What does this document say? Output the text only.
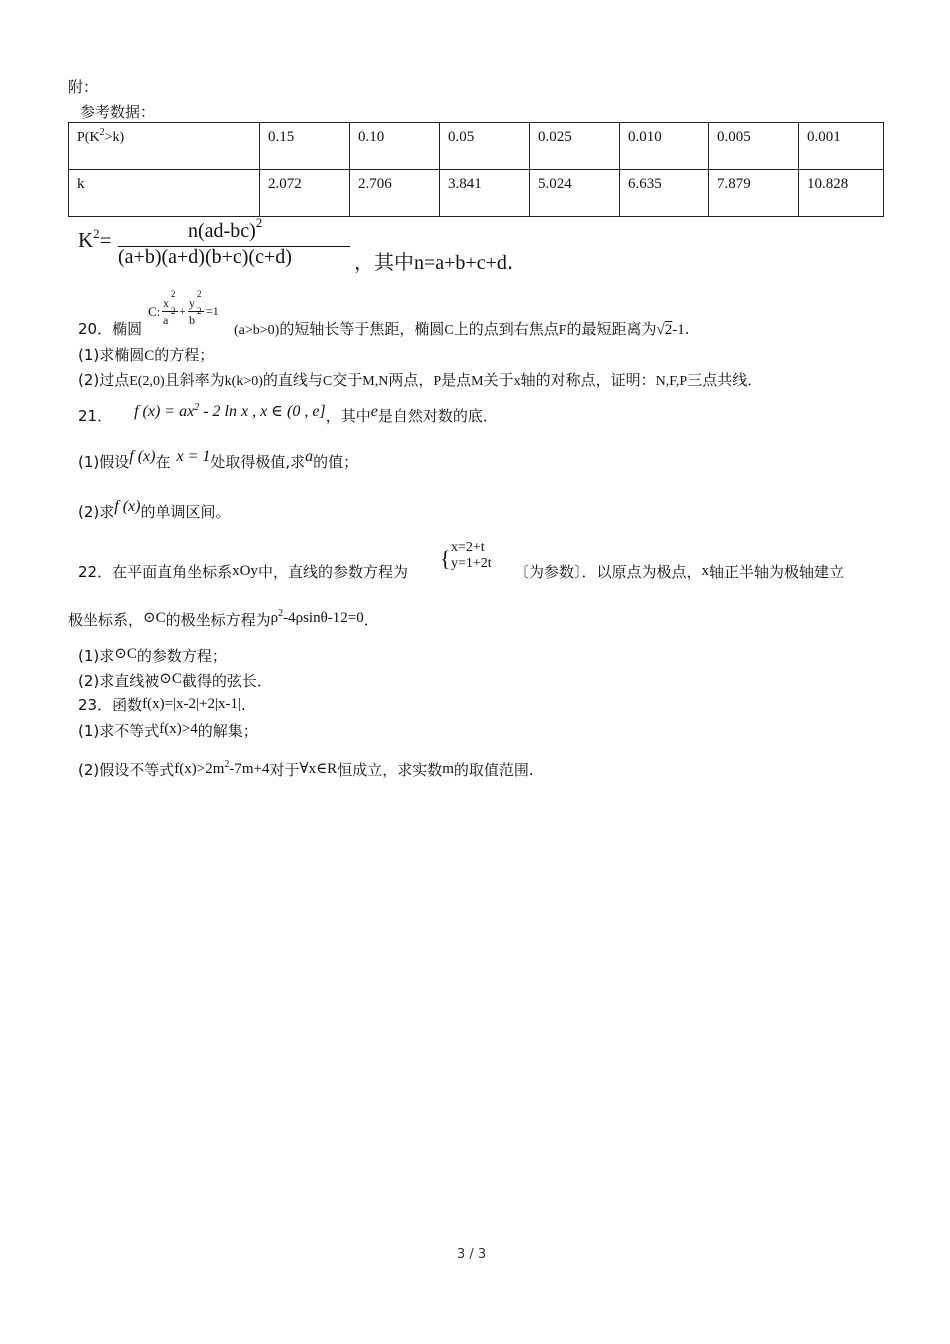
附：
参考数据：
$P(K^2>k)$	0.15	0.10	0.05	0.025	0.010	0.005	0.001
k	2.072	2.706	3.841	5.024	6.635	7.879	10.828
$K^2=$	$n(ad-bc)^2$
(a+b)(a+d)(b+c)(c+d)	，其中n=a+b+c+d.
20．椭圆
C:
x
2
a
+
y
2
b
=1
(a>b>0)的短轴长等于焦距，椭圆C上的点到右焦点F的最短距离为√2-1.
(1)求椭圆C的方程；
(2)过点E(2,0)且斜率为k(k>0)的直线与C交于M,N两点，P是点M关于x轴的对称点，证明：N,F,P三点共线．
21． f $(x) = ax^2 - 2$ ln x , x ∈ (0 , e]，其中e是自然对数的底．
(1)假设f (x)在 x = 1处取得极值,求a的值；
(2)求f (x)的单调区间。
22．在平面直角坐标系xOy中，直线的参数方程为
{ x=2+t
y=1+2t 〔为参数〕．以原点为极点，x轴正半轴为极轴建立
极坐标系，⊙C的极坐标方程为$\rho^2-4\rho\sin\theta-12=0$．
(1)求⊙C的参数方程；
(2)求直线被⊙C截得的弦长．
23．函数f(x)=|x-2|+2|x-1|.
(1)求不等式f(x)>4的解集；
(2)假设不等式$f(x)>2m^2-7m+4$对于∀x∈R恒成立，求实数m的取值范围.
3 / 3
